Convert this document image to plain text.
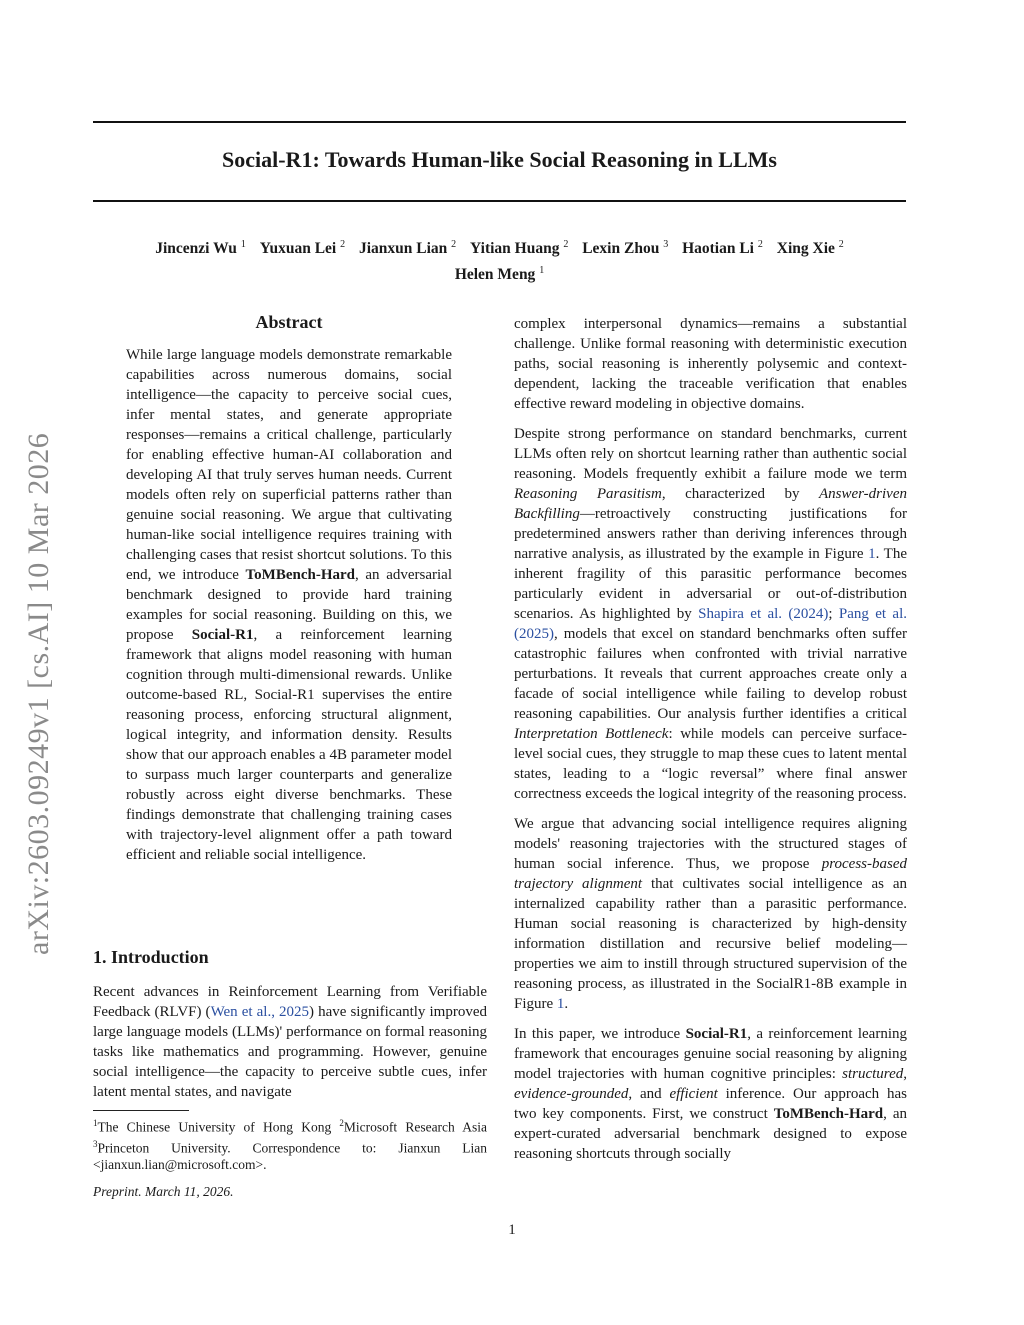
Social-R1: Towards Human-like Social Reasoning in LLMs
Jincenzi Wu $^1$ Yuxuan Lei $^2$ Jianxun Lian $^2$ Yitian Huang $^2$ Lexin Zhou $^3$ Haotian Li $^2$ Xing Xie $^2$
Helen Meng $^1$
arXiv:2603.09249v1 [cs.AI] 10 Mar 2026
Abstract
While large language models demonstrate remarkable capabilities across numerous domains, social intelligence—the capacity to perceive social cues, infer mental states, and generate appropriate responses—remains a critical challenge, particularly for enabling effective human-AI collaboration and developing AI that truly serves human needs. Current models often rely on superficial patterns rather than genuine social reasoning. We argue that cultivating human-like social intelligence requires training with challenging cases that resist shortcut solutions. To this end, we introduce ToMBench-Hard, an adversarial benchmark designed to provide hard training examples for social reasoning. Building on this, we propose Social-R1, a reinforcement learning framework that aligns model reasoning with human cognition through multi-dimensional rewards. Unlike outcome-based RL, Social-R1 supervises the entire reasoning process, enforcing structural alignment, logical integrity, and information density. Results show that our approach enables a 4B parameter model to surpass much larger counterparts and generalize robustly across eight diverse benchmarks. These findings demonstrate that challenging training cases with trajectory-level alignment offer a path toward efficient and reliable social intelligence.
1. Introduction

Recent advances in Reinforcement Learning from Verifiable Feedback (RLVF) (Wen et al., 2025) have significantly improved large language models (LLMs)' performance on formal reasoning tasks like mathematics and programming. However, genuine social intelligence—the capacity to perceive subtle cues, infer latent mental states, and navigate

$^1$The Chinese University of Hong Kong $^2$Microsoft Research Asia $^3$Princeton University. Correspondence to: Jianxun Lian <jianxun.lian@microsoft.com>.
Preprint. March 11, 2026.

complex interpersonal dynamics—remains a substantial challenge. Unlike formal reasoning with deterministic execution paths, social reasoning is inherently polysemic and context-dependent, lacking the traceable verification that enables effective reward modeling in objective domains.

Despite strong performance on standard benchmarks, current LLMs often rely on shortcut learning rather than authentic social reasoning. Models frequently exhibit a failure mode we term Reasoning Parasitism, characterized by Answer-driven Backfilling—retroactively constructing justifications for predetermined answers rather than deriving inferences through narrative analysis, as illustrated by the example in Figure 1. The inherent fragility of this parasitic performance becomes particularly evident in adversarial or out-of-distribution scenarios. As highlighted by Shapira et al. (2024); Pang et al. (2025), models that excel on standard benchmarks often suffer catastrophic failures when confronted with trivial narrative perturbations. It reveals that current approaches create only a facade of social intelligence while failing to develop robust reasoning capabilities. Our analysis further identifies a critical Interpretation Bottleneck: while models can perceive surface-level social cues, they struggle to map these cues to latent mental states, leading to a “logic reversal” where final answer correctness exceeds the logical integrity of the reasoning process.

We argue that advancing social intelligence requires aligning models' reasoning trajectories with the structured stages of human social inference. Thus, we propose process-based trajectory alignment that cultivates social intelligence as an internalized capability rather than a parasitic performance. Human social reasoning is characterized by high-density information distillation and recursive belief modeling—properties we aim to instill through structured supervision of the reasoning process, as illustrated in the SocialR1-8B example in Figure 1.

In this paper, we introduce Social-R1, a reinforcement learning framework that encourages genuine social reasoning by aligning model trajectories with human cognitive principles: structured, evidence-grounded, and efficient inference. Our approach has two key components. First, we construct ToMBench-Hard, an expert-curated adversarial benchmark designed to expose reasoning shortcuts through socially

1
